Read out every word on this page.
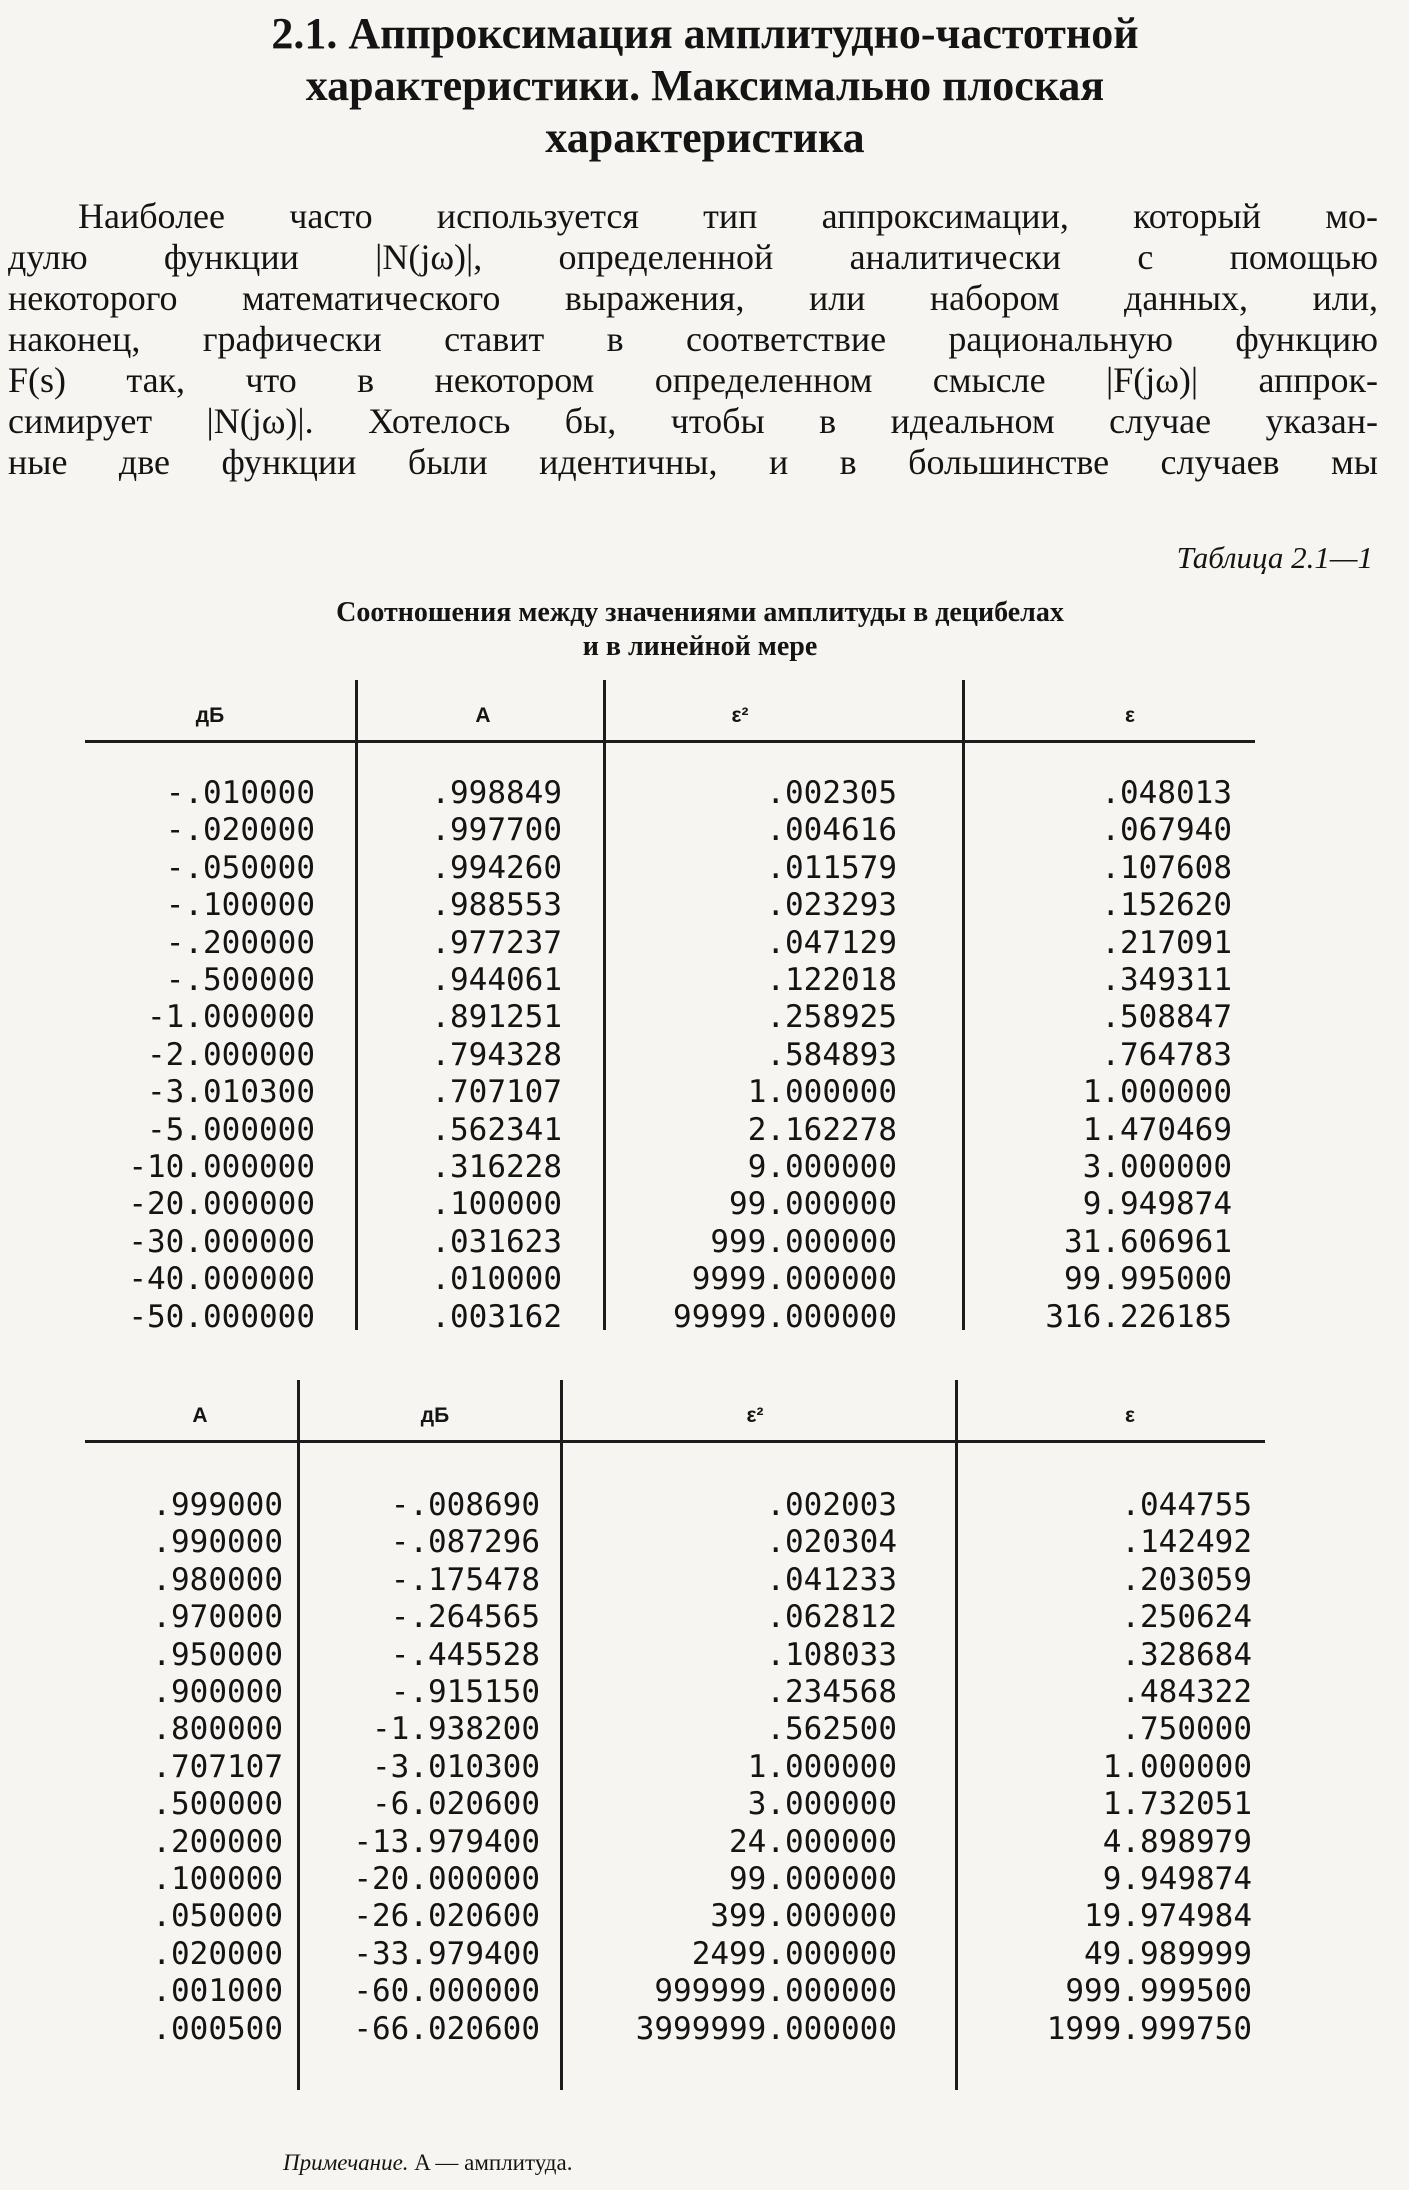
2.1. Аппроксимация амплитудно-частотной
характеристики. Максимально плоская
характеристика
Наиболее часто используется тип аппроксимации, который мо-
дулю функции |N(jω)|, определенной аналитически с помощью
некоторого математического выражения, или набором данных, или,
наконец, графически ставит в соответствие рациональную функцию
F(s) так, что в некотором определенном смысле |F(jω)| аппрок-
симирует |N(jω)|. Хотелось бы, чтобы в идеальном случае указан-
ные две функции были идентичны, и в большинстве случаев мы
Таблица 2.1—1
Соотношения между значениями амплитуды в децибелах
и в линейной мере
дБ	A	ε²	ε
-.010000	.998849	.002305	.048013
-.020000	.997700	.004616	.067940
-.050000	.994260	.011579	.107608
-.100000	.988553	.023293	.152620
-.200000	.977237	.047129	.217091
-.500000	.944061	.122018	.349311
-1.000000	.891251	.258925	.508847
-2.000000	.794328	.584893	.764783
-3.010300	.707107	1.000000	1.000000
-5.000000	.562341	2.162278	1.470469
-10.000000	.316228	9.000000	3.000000
-20.000000	.100000	99.000000	9.949874
-30.000000	.031623	999.000000	31.606961
-40.000000	.010000	9999.000000	99.995000
-50.000000	.003162	99999.000000	316.226185
A	дБ	ε²	ε
.999000	-.008690	.002003	.044755
.990000	-.087296	.020304	.142492
.980000	-.175478	.041233	.203059
.970000	-.264565	.062812	.250624
.950000	-.445528	.108033	.328684
.900000	-.915150	.234568	.484322
.800000	-1.938200	.562500	.750000
.707107	-3.010300	1.000000	1.000000
.500000	-6.020600	3.000000	1.732051
.200000 -13.979400	24.000000	4.898979
.100000 -20.000000	99.000000	9.949874
.050000 -26.020600	399.000000	19.974984
.020000 -33.979400	2499.000000	49.989999
.001000 -60.000000	999999.000000	999.999500
.000500 -66.020600	3999999.000000	1999.999750
Примечание. A — амплитуда.
